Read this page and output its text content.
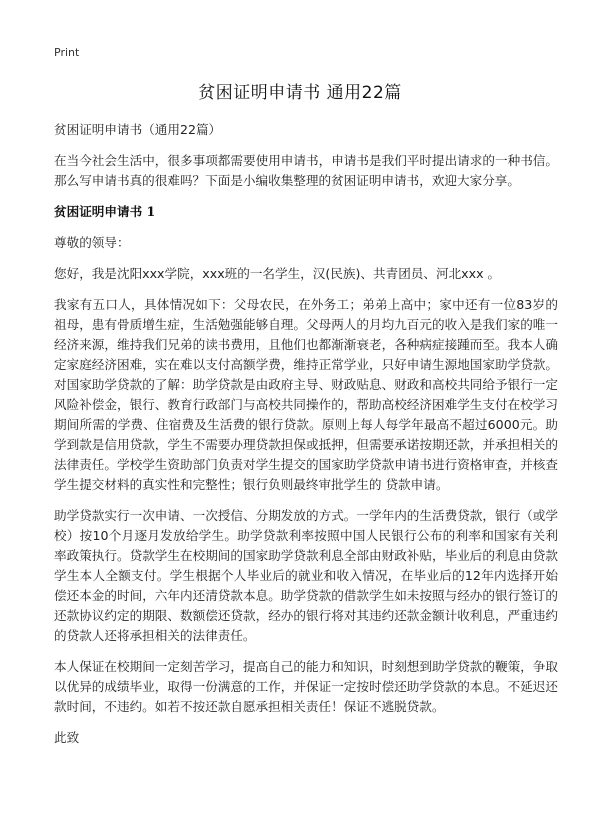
Print
贫困证明申请书 通用22篇

贫困证明申请书（通用22篇）

在当今社会生活中，很多事项都需要使用申请书，申请书是我们平时提出请求的一种书信。那么写申请书真的很难吗？下面是小编收集整理的贫困证明申请书，欢迎大家分享。

贫困证明申请书 1

尊敬的领导：

您好，我是沈阳xxx学院，xxx班的一名学生，汉(民族)、共青团员、河北xxx 。

我家有五口人，具体情况如下：父母农民，在外务工；弟弟上高中；家中还有一位83岁的祖母，患有骨质增生症，生活勉强能够自理。父母两人的月均九百元的收入是我们家的唯一经济来源，维持我们兄弟的读书费用，且他们也都渐渐衰老，各种病症接踵而至。我本人确定家庭经济困难，实在难以支付高额学费，维持正常学业，只好申请生源地国家助学贷款。对国家助学贷款的了解：助学贷款是由政府主导、财政贴息、财政和高校共同给予银行一定风险补偿金，银行、教育行政部门与高校共同操作的，帮助高校经济困难学生支付在校学习期间所需的学费、住宿费及生活费的银行贷款。原则上每人每学年最高不超过6000元。助学到款是信用贷款，学生不需要办理贷款担保或抵押，但需要承诺按期还款，并承担相关的法律责任。学校学生资助部门负责对学生提交的国家助学贷款申请书进行资格审查，并核查学生提交材料的真实性和完整性；银行负则最终审批学生的 贷款申请。

助学贷款实行一次申请、一次授信、分期发放的方式。一学年内的生活费贷款，银行（或学校）按10个月逐月发放给学生。助学贷款利率按照中国人民银行公布的利率和国家有关利率政策执行。贷款学生在校期间的国家助学贷款利息全部由财政补贴，毕业后的利息由贷款学生本人全额支付。学生根据个人毕业后的就业和收入情况，在毕业后的12年内选择开始偿还本金的时间，六年内还清贷款本息。助学贷款的借款学生如未按照与经办的银行签订的还款协议约定的期限、数额偿还贷款，经办的银行将对其违约还款金额计收利息，严重违约的贷款人还将承担相关的法律责任。

本人保证在校期间一定刻苦学习，提高自己的能力和知识，时刻想到助学贷款的鞭策，争取以优异的成绩毕业，取得一份满意的工作，并保证一定按时偿还助学贷款的本息。不延迟还款时间，不违约。如若不按还款自愿承担相关责任！保证不逃脱贷款。

此致
